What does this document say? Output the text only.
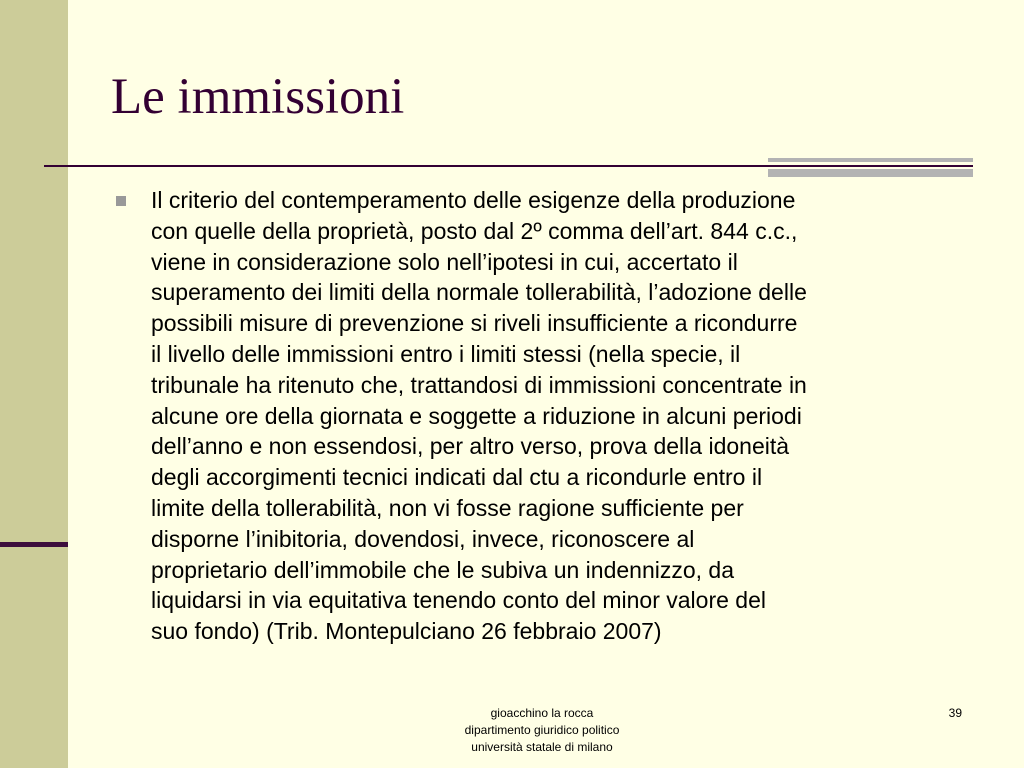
Le immissioni

Il criterio del contemperamento delle esigenze della produzione
con quelle della proprietà, posto dal 2º comma dell’art. 844 c.c.,
viene in considerazione solo nell’ipotesi in cui, accertato il
superamento dei limiti della normale tollerabilità, l’adozione delle
possibili misure di prevenzione si riveli insufficiente a ricondurre
il livello delle immissioni entro i limiti stessi (nella specie, il
tribunale ha ritenuto che, trattandosi di immissioni concentrate in
alcune ore della giornata e soggette a riduzione in alcuni periodi
dell’anno e non essendosi, per altro verso, prova della idoneità
degli accorgimenti tecnici indicati dal ctu a ricondurle entro il
limite della tollerabilità, non vi fosse ragione sufficiente per
disporne l’inibitoria, dovendosi, invece, riconoscere al
proprietario dell’immobile che le subiva un indennizzo, da
liquidarsi in via equitativa tenendo conto del minor valore del
suo fondo) (Trib. Montepulciano 26 febbraio 2007)

gioacchino la rocca
dipartimento giuridico politico
università statale di milano
39
